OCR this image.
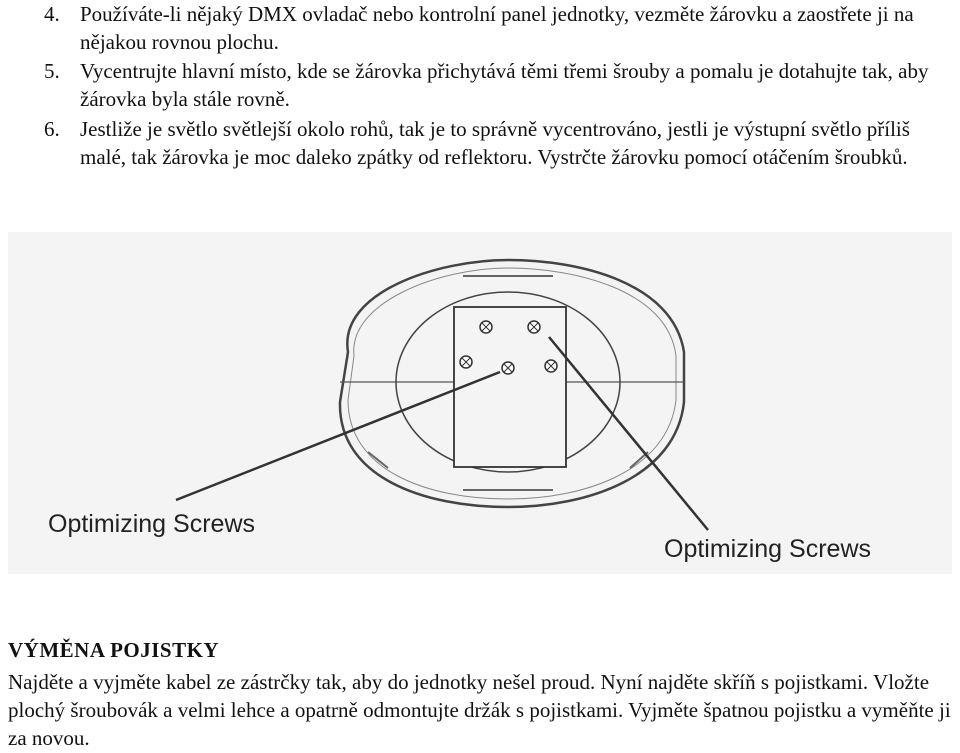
4. Používáte-li nějaký DMX ovladač nebo kontrolní panel jednotky, vezměte žárovku a zaostřete ji na nějakou rovnou plochu.
5. Vycentrujte hlavní místo, kde se žárovka přichytává těmi třemi šrouby a pomalu je dotahujte tak, aby žárovka byla stále rovně.
6. Jestliže je světlo světlejší okolo rohů, tak je to správně vycentrováno, jestli je výstupní světlo příliš malé, tak žárovka je moc daleko zpátky od reflektoru. Vystrčte žárovku pomocí otáčením šroubků.
Optimizing Screws
Optimizing Screws
VÝMĚNA POJISTKY
Najděte a vyjměte kabel ze zástrčky tak, aby do jednotky nešel proud. Nyní najděte skříň s pojistkami. Vložte plochý šroubovák a velmi lehce a opatrně odmontujte držák s pojistkami. Vyjměte špatnou pojistku a vyměňte ji za novou.
